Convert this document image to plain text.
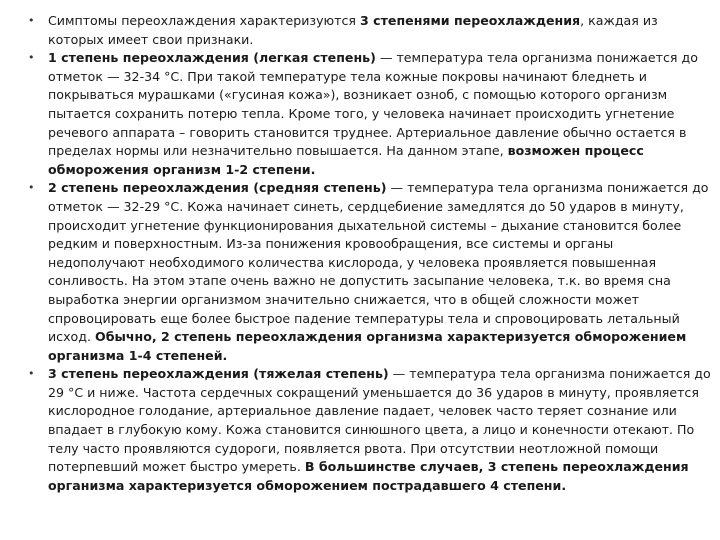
• Симптомы переохлаждения характеризуются 3 степенями переохлаждения, каждая из которых имеет свои признаки.
• 1 степень переохлаждения (легкая степень) — температура тела организма понижается до отметок — 32-34 °С. При такой температуре тела кожные покровы начинают бледнеть и покрываться мурашками («гусиная кожа»), возникает озноб, с помощью которого организм пытается сохранить потерю тепла. Кроме того, у человека начинает происходить угнетение речевого аппарата – говорить становится труднее. Артериальное давление обычно остается в пределах нормы или незначительно повышается. На данном этапе, возможен процесс обморожения организм 1-2 степени.
• 2 степень переохлаждения (средняя степень) — температура тела организма понижается до отметок — 32-29 °С. Кожа начинает синеть, сердцебиение замедлятся до 50 ударов в минуту, происходит угнетение функционирования дыхательной системы – дыхание становится более редким и поверхностным. Из-за понижения кровообращения, все системы и органы недополучают необходимого количества кислорода, у человека проявляется повышенная сонливость. На этом этапе очень важно не допустить засыпание человека, т.к. во время сна выработка энергии организмом значительно снижается, что в общей сложности может спровоцировать еще более быстрое падение температуры тела и спровоцировать летальный исход. Обычно, 2 степень переохлаждения организма характеризуется обморожением организма 1-4 степеней.
• 3 степень переохлаждения (тяжелая степень) — температура тела организма понижается до 29 °С и ниже. Частота сердечных сокращений уменьшается до 36 ударов в минуту, проявляется кислородное голодание, артериальное давление падает, человек часто теряет сознание или впадает в глубокую кому. Кожа становится синюшного цвета, а лицо и конечности отекают. По телу часто проявляются судороги, появляется рвота. При отсутствии неотложной помощи потерпевший может быстро умереть. В большинстве случаев, 3 степень переохлаждения организма характеризуется обморожением пострадавшего 4 степени.
